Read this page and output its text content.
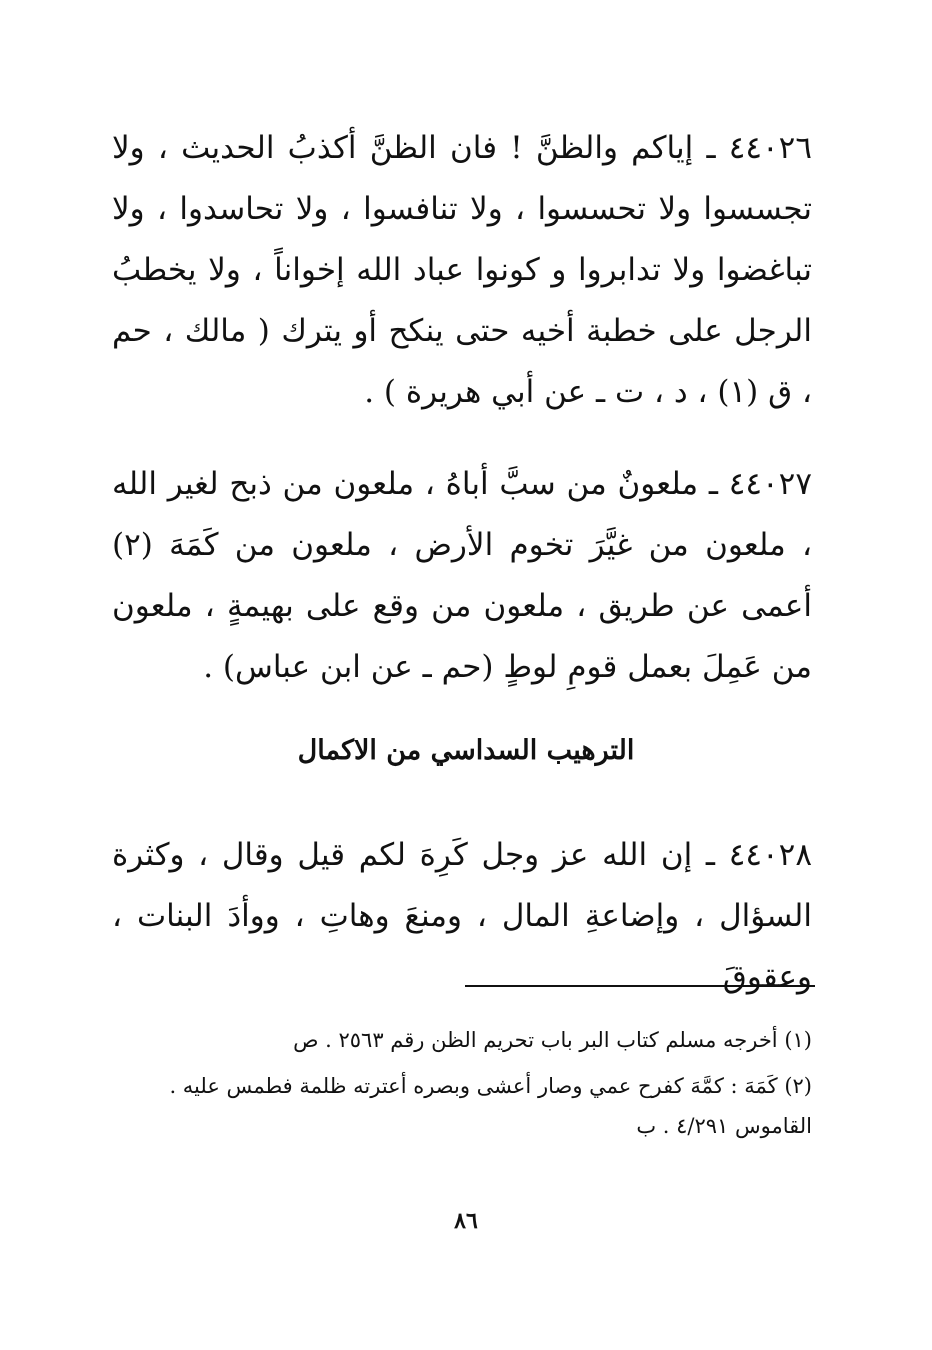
٤٤٠٢٦ ـ إياكم والظنَّ ! فان الظنَّ أكذبُ الحديث ، ولا تجسسوا ولا تحسسوا ، ولا تنافسوا ، ولا تحاسدوا ، ولا تباغضوا ولا تدابروا و كونوا عباد الله إخواناً ، ولا يخطبُ الرجل على خطبة أخيه حتى ينكح أو يترك ( مالك ، حم ، ق (١) ، د ، ت ـ عن أبي هريرة ) .

٤٤٠٢٧ ـ ملعونٌ من سبَّ أباهُ ، ملعون من ذبح لغير الله ، ملعون من غيَّرَ تخوم الأرض ، ملعون من كَمَهَ (٢) أعمى عن طريق ، ملعون من وقع على بهيمةٍ ، ملعون من عَمِلَ بعمل قومِ لوطٍ (حم ـ عن ابن عباس) .

الترهيب السداسي من الاكمال

٤٤٠٢٨ ـ إن الله عز وجل كَرِهَ لكم قيل وقال ، وكثرة السؤال ، وإضاعةِ المال ، ومنعَ وهاتِ ، ووأدَ البنات ، وعقوقَ

(١) أخرجه مسلم كتاب البر باب تحريم الظن رقم ٢٥٦٣ . ص

(٢) كَمَهَ : كمَّهَ كفرح عمي وصار أعشى وبصره أعترته ظلمة فطمس عليه . القاموس ٤/٢٩١ . ب

٨٦
